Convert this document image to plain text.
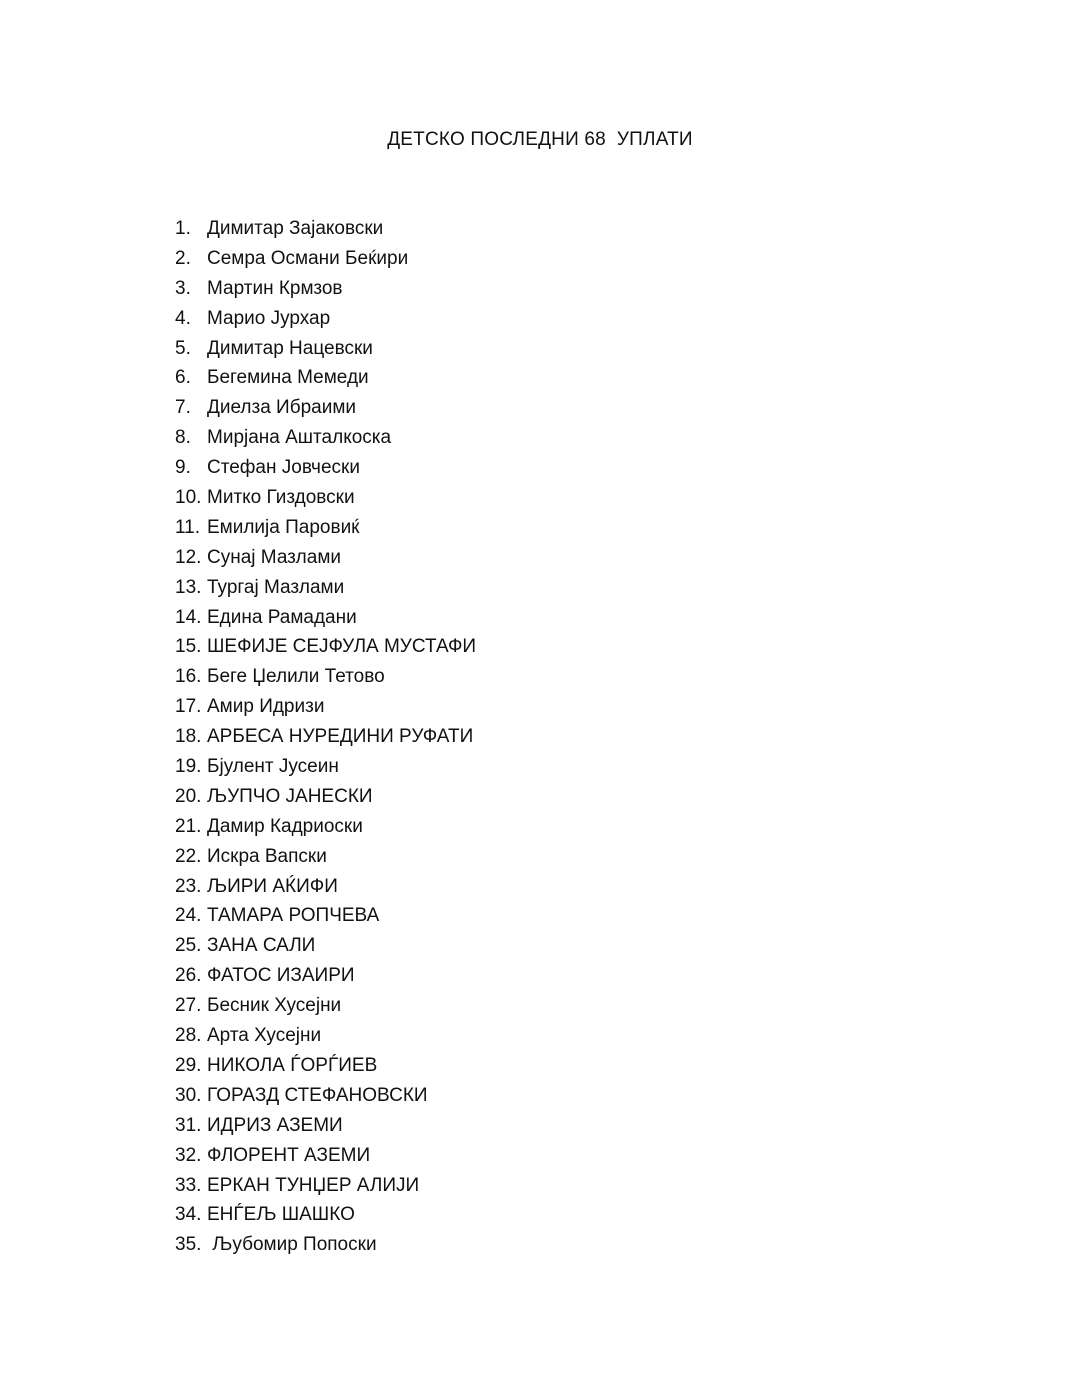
ДЕТСКО ПОСЛЕДНИ 68  УПЛАТИ
1. Димитар Зајаковски
2. Семра Османи Беќири
3. Мартин Крмзов
4. Марио Јурхар
5. Димитар Нацевски
6. Бегемина Мемеди
7. Диелза Ибраими
8. Мирјана Ашталкоска
9. Стефан Јовчески
10. Митко Гиздовски
11. Емилија Паровиќ
12. Сунај Мазлами
13. Тургај Мазлами
14. Едина Рамадани
15. ШЕФИЈЕ СЕЈФУЛА МУСТАФИ
16. Беге Џелили Тетово
17. Амир Идризи
18. АРБЕСА НУРЕДИНИ РУФАТИ
19. Бјулент Јусеин
20. ЉУПЧО ЈАНЕСКИ
21. Дамир Кадриоски
22. Искра Вапски
23. ЉИРИ АЌИФИ
24. ТАМАРА РОПЧЕВА
25. ЗАНА САЛИ
26. ФАТОС ИЗАИРИ
27. Бесник Хусејни
28. Арта Хусејни
29. НИКОЛА ЃОРЃИЕВ
30. ГОРАЗД СТЕФАНОВСКИ
31. ИДРИЗ АЗЕМИ
32. ФЛОРЕНТ АЗЕМИ
33. ЕРКАН ТУНЏЕР АЛИЈИ
34. ЕНЃЕЉ ШАШКО
35. Љубомир Попоски
